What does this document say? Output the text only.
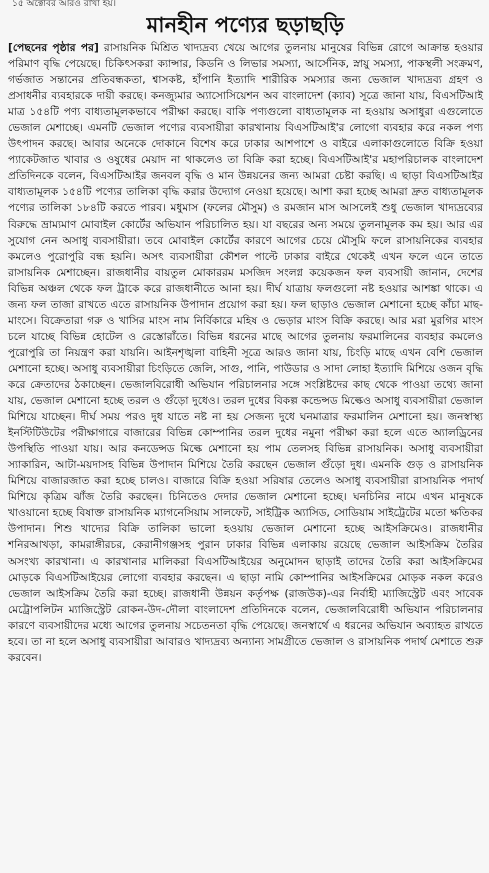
১৫ অক্টোবর আরও রাখা হয়।
মানহীন পণ্যের ছড়াছড়ি

[পেছনের পৃষ্ঠার পর] রাসায়নিক মিশ্রিত খাদ্যদ্রব্য খেয়ে আগের তুলনায় মানুষের বিভিন্ন রোগে আক্রান্ত হওয়ার পরিমাণ বৃদ্ধি পেয়েছে। চিকিৎসকরা ক্যান্সার, কিডনি ও লিভার সমস্যা, আর্সেনিক, স্নায়ু সমস্যা, পাকস্থলী সংক্রমণ, গর্ভজাত সন্তানের প্রতিবন্ধকতা, শ্বাসকষ্ট, হাঁপানি ইত্যাদি শারীরিক সমস্যার জন্য ভেজাল খাদ্যদ্রব্য গ্রহণ ও প্রসাধনীর ব্যবহারকে দায়ী করছে। কনজ্যুমার অ্যাসোসিয়েশন অব বাংলাদেশ (ক্যাব) সূত্রে জানা যায়, বিএসটিআই মাত্র ১৫৪টি পণ্য বাধ্যতামূলকভাবে পরীক্ষা করছে। বাকি পণ্যগুলো বাধ্যতামূলক না হওয়ায় অসাধুরা এগুলোতে ভেজাল মেশাচ্ছে। এমনটি ভেজাল পণ্যের ব্যবসায়ীরা কারখানায় বিএসটিআই'র লোগো ব্যবহার করে নকল পণ্য উৎপাদন করছে। আবার অনেকে দোকানে বিশেষ করে ঢাকার আশপাশে ও বাইরে এলাকাগুলোতে বিক্রি হওয়া প্যাকেটজাত খাবার ও ওষুধের মেয়াদ না থাকলেও তা বিক্রি করা হচ্ছে। বিএসটিআই'র মহাপরিচালক বাংলাদেশ প্রতিদিনকে বলেন, বিএসটিআইর জনবল বৃদ্ধি ও মান উন্নয়নের জন্য আমরা চেষ্টা করছি। এ ছাড়া বিএসটিআইর বাধ্যতামূলক ১৫৪টি পণ্যের তালিকা বৃদ্ধি করার উদ্যোগ নেওয়া হয়েছে। আশা করা হচ্ছে আমরা দ্রুত বাধ্যতামূলক পণ্যের তালিকা ১৮৪টি করতে পারব। মধুমাস (ফলের মৌসুম) ও রমজান মাস আসলেই শুধু ভেজাল খাদ্যদ্রব্যের বিরুদ্ধে ভ্রাম্যমাণ মোবাইল কোর্টের অভিযান পরিচালিত হয়। যা বছরের অন্য সময়ে তুলনামূলক কম হয়। আর এর সুযোগ নেন অসাধু ব্যবসায়ীরা। তবে মোবাইল কোর্টের কারণে আগের চেয়ে মৌসুমি ফলে রাসায়নিকের ব্যবহার কমলেও পুরোপুরি বন্ধ হয়নি। অসৎ ব্যবসায়ীরা কৌশল পাল্টে ঢাকার বাইরে থেকেই এখন ফলে এনে তাতে রাসায়নিক মেশাচ্ছেন। রাজধানীর বায়তুল মোকাররম মসজিদ সংলগ্ন কয়েকজন ফল ব্যবসায়ী জানান, দেশের বিভিন্ন অঞ্চল থেকে ফল ট্রাকে করে রাজধানীতে আনা হয়। দীর্ঘ যাত্রায় ফলগুলো নষ্ট হওয়ার আশঙ্কা থাকে। এ জন্য ফল তাজা রাখতে এতে রাসায়নিক উপাদান প্রয়োগ করা হয়। ফল ছাড়াও ভেজাল মেশানো হচ্ছে কাঁচা মাছ-মাংসে। বিক্রেতারা গরু ও খাসির মাংস নাম নির্বিকারে মহিষ ও ভেড়ার মাংস বিক্রি করছে। আর মরা মুরগির মাংস চলে যাচ্ছে বিভিন্ন হোটেল ও রেস্তোরাঁতে। বিভিন্ন ধরনের মাছে আগের তুলনায় ফরমালিনের ব্যবহার কমলেও পুরোপুরি তা নিয়ন্ত্রণ করা যায়নি। আইনশৃঙ্খলা বাহিনী সূত্রে আরও জানা যায়, চিংড়ি মাছে এখন বেশি ভেজাল মেশানো হচ্ছে। অসাধু ব্যবসায়ীরা চিংড়িতে জেলি, সাগু, পানি, পাউডার ও সাদা লোহা ইত্যাদি মিশিয়ে ওজন বৃদ্ধি করে ক্রেতাদের ঠকাচ্ছেন। ভেজালবিরোধী অভিযান পরিচালনার সঙ্গে সংশ্লিষ্টদের কাছ থেকে পাওয়া তথ্যে জানা যায়, ভেজাল মেশানো হচ্ছে তরল ও গুঁড়ো দুধেও। তরল দুধের বিকল্প কন্ডেন্সড মিল্কেও অসাধু ব্যবসায়ীরা ভেজাল মিশিয়ে যাচ্ছেন। দীর্ঘ সময় পরও দুধ যাতে নষ্ট না হয় সেজন্য দুধে ঘনমাত্রার ফরমালিন মেশানো হয়। জনস্বাস্থ্য ইনস্টিটিউটের পরীক্ষাগারে বাজারের বিভিন্ন কোম্পানির তরল দুধের নমুনা পরীক্ষা করা হলে এতে অ্যালড্রিনের উপস্থিতি পাওয়া যায়। আর কনডেন্সড মিল্কে মেশানো হয় পাম তেলসহ বিভিন্ন রাসায়নিক। অসাধু ব্যবসায়ীরা স্যাকারিন, আটা-ময়দাসহ বিভিন্ন উপাদান মিশিয়ে তৈরি করছেন ভেজাল গুঁড়ো দুধ। এমনকি গুড় ও রাসায়নিক মিশিয়ে বাজারজাত করা হচ্ছে চালও। বাজারে বিক্রি হওয়া সরিষার তেলেও অসাধু ব্যবসায়ীরা রাসায়নিক পদার্থ মিশিয়ে কৃত্রিম ঝাঁজ তৈরি করছেন। চিনিতেও দেদার ভেজাল মেশানো হচ্ছে। ঘনচিনির নামে এখন মানুষকে খাওয়ানো হচ্ছে বিষাক্ত রাসায়নিক ম্যাগনেসিয়াম সালফেট, সাইট্রিক অ্যাসিড, সোডিয়াম সাইট্রেটের মতো ক্ষতিকর উপাদান। শিশু খাদ্যের বিক্রি তালিকা ভালো হওয়ায় ভেজাল মেশানো হচ্ছে আইসক্রিমেও। রাজধানীর শনিরআখড়া, কামরাঙ্গীরচর, কেরানীগঞ্জসহ পুরান ঢাকার বিভিন্ন এলাকায় রয়েছে ভেজাল আইসক্রিম তৈরির অসংখ্য কারখানা। এ কারখানার মালিকরা বিএসটিআইয়ের অনুমোদন ছাড়াই তাদের তৈরি করা আইসক্রিমের মোড়কে বিএসটিআইয়ের লোগো ব্যবহার করছেন। এ ছাড়া নামি কোম্পানির আইসক্রিমের মোড়ক নকল করেও ভেজাল আইসক্রিম তৈরি করা হচ্ছে। রাজধানী উন্নয়ন কর্তৃপক্ষ (রাজউক)-এর নির্বাহী ম্যাজিস্ট্রেট এবং সাবেক মেট্রোপলিটন ম্যাজিস্ট্রেট রোকন-উদ-দৌলা বাংলাদেশ প্রতিদিনকে বলেন, ভেজালবিরোধী অভিযান পরিচালনার কারণে ব্যবসায়ীদের মধ্যে আগের তুলনায় সচেতনতা বৃদ্ধি পেয়েছে। জনস্বার্থে এ ধরনের অভিযান অব্যাহত রাখতে হবে। তা না হলে অসাধু ব্যবসায়ীরা আবারও খাদ্যদ্রব্য অন্যান্য সামগ্রীতে ভেজাল ও রাসায়নিক পদার্থ মেশাতে শুরু করবেন।
